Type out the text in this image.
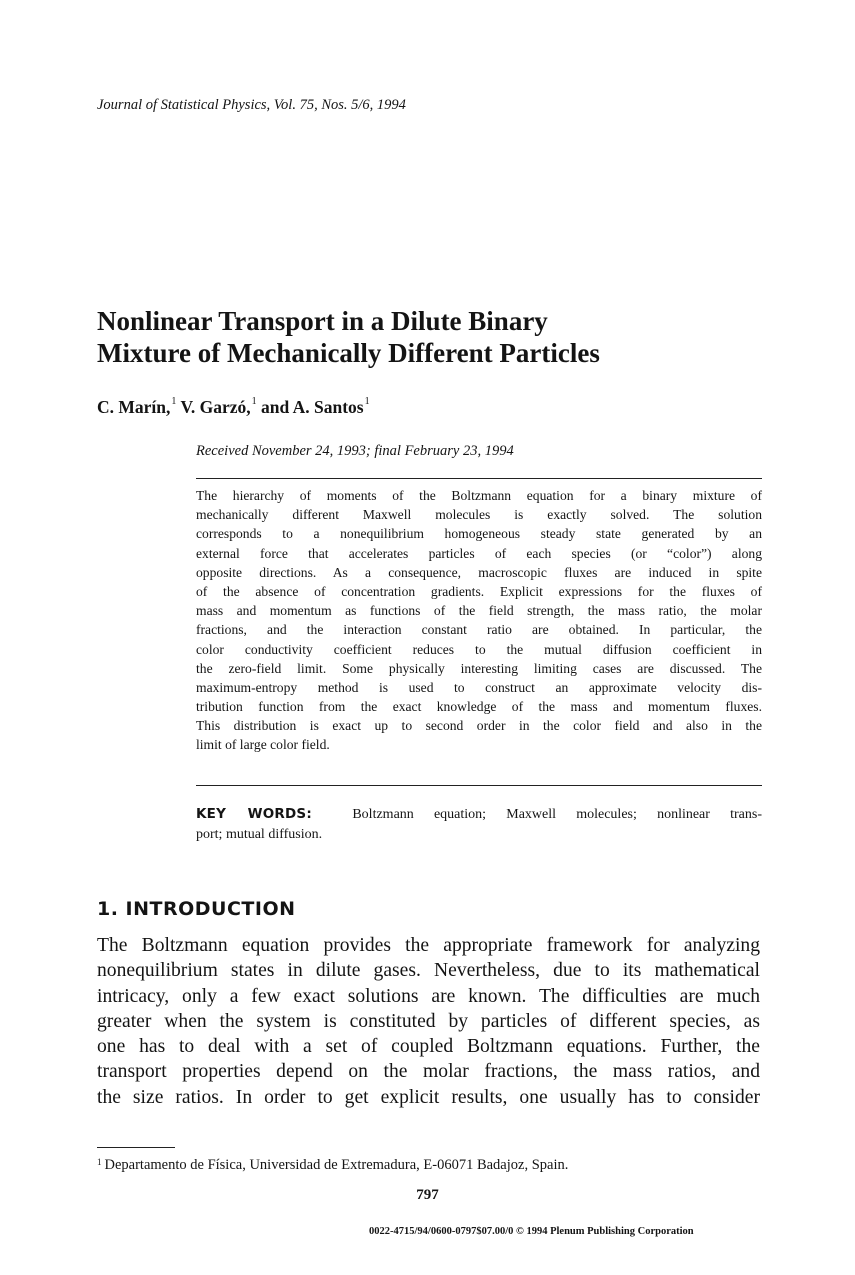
Journal of Statistical Physics, Vol. 75, Nos. 5/6, 1994
Nonlinear Transport in a Dilute Binary
Mixture of Mechanically Different Particles
C. Marín,$^1$ V. Garzó,$^1$ and A. Santos$^1$
Received November 24, 1993; final February 23, 1994
The hierarchy of moments of the Boltzmann equation for a binary mixture of
mechanically different Maxwell molecules is exactly solved. The solution
corresponds to a nonequilibrium homogeneous steady state generated by an
external force that accelerates particles of each species (or “color”) along
opposite directions. As a consequence, macroscopic fluxes are induced in spite
of the absence of concentration gradients. Explicit expressions for the fluxes of
mass and momentum as functions of the field strength, the mass ratio, the molar
fractions, and the interaction constant ratio are obtained. In particular, the
color conductivity coefficient reduces to the mutual diffusion coefficient in
the zero-field limit. Some physically interesting limiting cases are discussed. The
maximum-entropy method is used to construct an approximate velocity dis-
tribution function from the exact knowledge of the mass and momentum fluxes.
This distribution is exact up to second order in the color field and also in the
limit of large color field.
KEY WORDS:	Boltzmann equation; Maxwell molecules; nonlinear trans-
port; mutual diffusion.
1. INTRODUCTION
The Boltzmann equation provides the appropriate framework for analyzing
nonequilibrium states in dilute gases. Nevertheless, due to its mathematical
intricacy, only a few exact solutions are known. The difficulties are much
greater when the system is constituted by particles of different species, as
one has to deal with a set of coupled Boltzmann equations. Further, the
transport properties depend on the molar fractions, the mass ratios, and
the size ratios. In order to get explicit results, one usually has to consider
$^1$ Departamento de Física, Universidad de Extremadura, E-06071 Badajoz, Spain.
797
0022-4715/94/0600-0797$07.00/0 © 1994 Plenum Publishing Corporation
